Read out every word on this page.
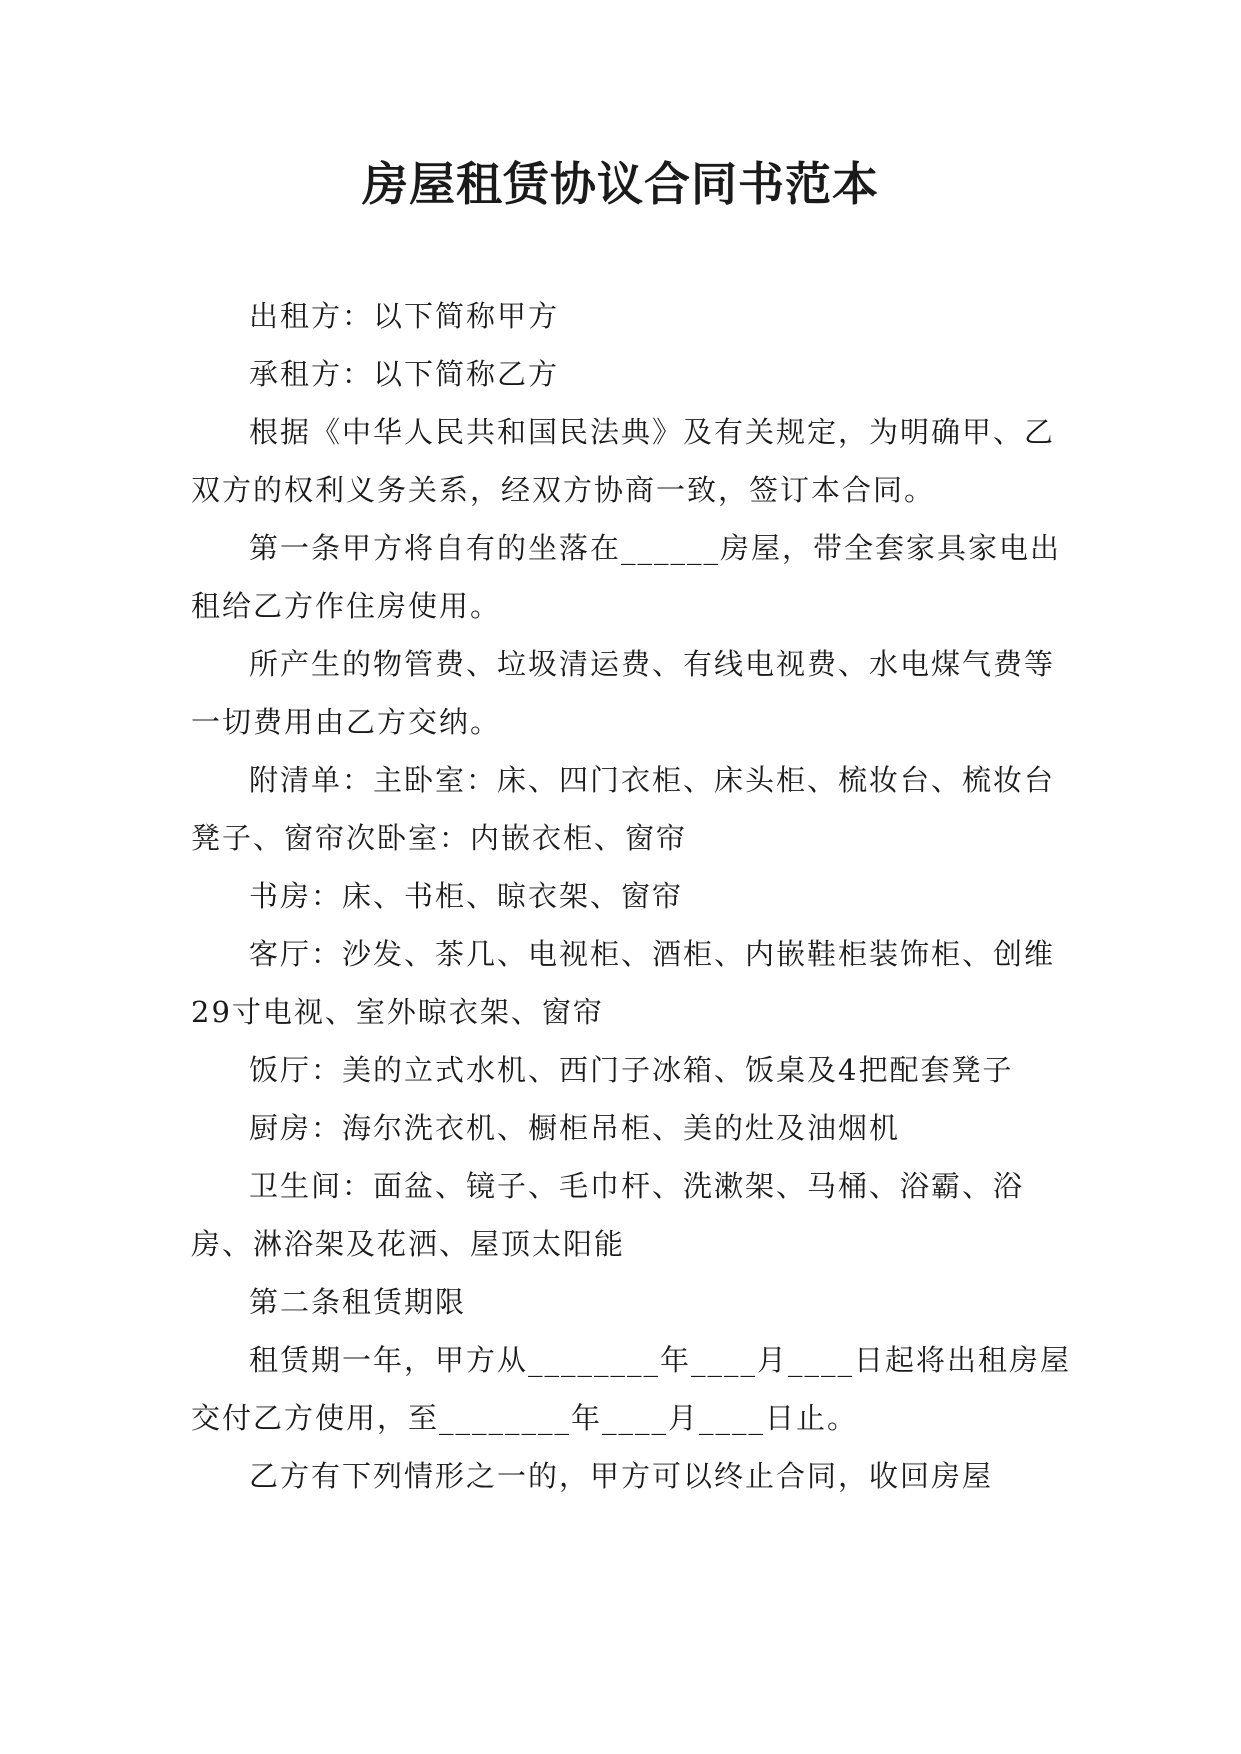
房屋租赁协议合同书范本

出租方：以下简称甲方

承租方：以下简称乙方

根据《中华人民共和国民法典》及有关规定，为明确甲、乙双方的权利义务关系，经双方协商一致，签订本合同。

第一条甲方将自有的坐落在______房屋，带全套家具家电出租给乙方作住房使用。

所产生的物管费、垃圾清运费、有线电视费、水电煤气费等一切费用由乙方交纳。

附清单：主卧室：床、四门衣柜、床头柜、梳妆台、梳妆台凳子、窗帘次卧室：内嵌衣柜、窗帘

书房：床、书柜、晾衣架、窗帘

客厅：沙发、茶几、电视柜、酒柜、内嵌鞋柜装饰柜、创维29寸电视、室外晾衣架、窗帘

饭厅：美的立式水机、西门子冰箱、饭桌及4把配套凳子

厨房：海尔洗衣机、橱柜吊柜、美的灶及油烟机

卫生间：面盆、镜子、毛巾杆、洗漱架、马桶、浴霸、浴房、淋浴架及花洒、屋顶太阳能

第二条租赁期限

租赁期一年，甲方从________年____月____日起将出租房屋交付乙方使用，至________年____月____日止。

乙方有下列情形之一的，甲方可以终止合同，收回房屋
